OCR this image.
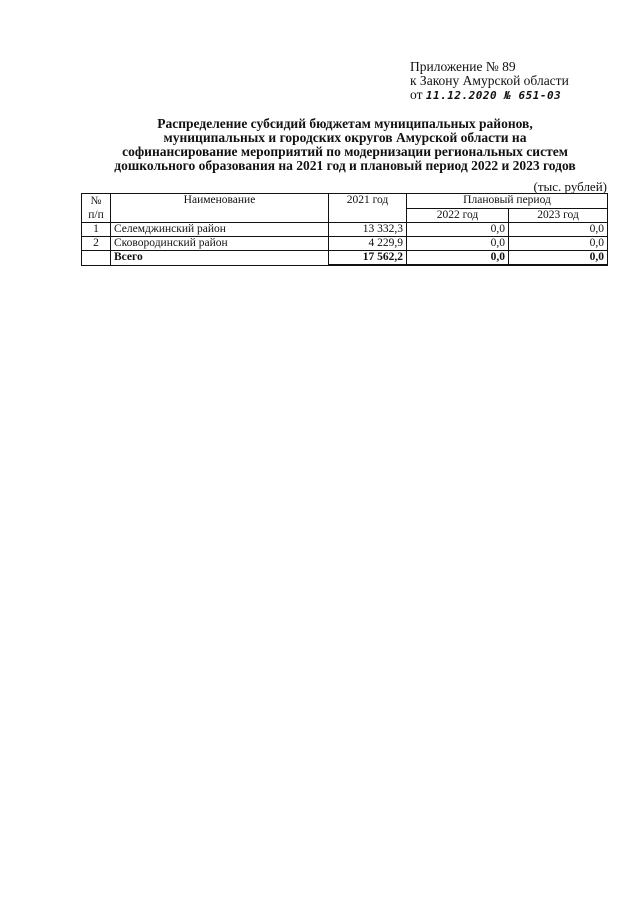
Приложение № 89
к Закону Амурской области
от 11.12.2020 № 651-03
Распределение субсидий бюджетам муниципальных районов,
муниципальных и городских округов Амурской области на
софинансирование мероприятий по модернизации региональных систем
дошкольного образования на 2021 год и плановый период 2022 и 2023 годов
(тыс. рублей)
№
п/п	Наименование	2021 год	Плановый период	
			2022 год	2023 год
1	Селемджинский район	13 332,3	0,0	0,0
2	Сковородинский район	4 229,9	0,0	0,0
	Всего	17 562,2	0,0	0,0
